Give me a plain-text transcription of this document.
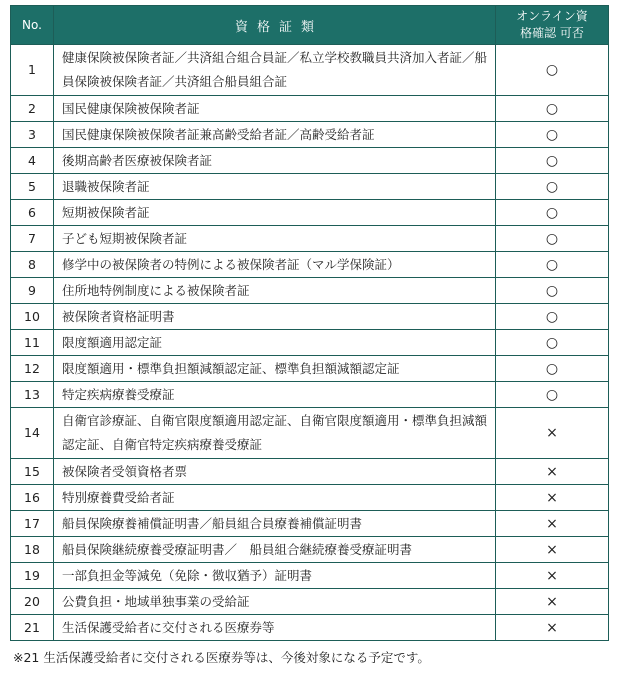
No.	資格証類	オンライン資
格確認 可否
1	健康保険被保険者証／共済組合組合員証／私立学校教職員共済加入者証／船員保険被保険者証／共済組合船員組合証	○
2	国民健康保険被保険者証	○
3	国民健康保険被保険者証兼高齢受給者証／高齢受給者証	○
4	後期高齢者医療被保険者証	○
5	退職被保険者証	○
6	短期被保険者証	○
7	子ども短期被保険者証	○
8	修学中の被保険者の特例による被保険者証（マル学保険証）	○
9	住所地特例制度による被保険者証	○
10	被保険者資格証明書	○
11	限度額適用認定証	○
12	限度額適用・標準負担額減額認定証、標準負担額減額認定証	○
13	特定疾病療養受療証	○
14	自衛官診療証、自衛官限度額適用認定証、自衛官限度額適用・標準負担減額認定証、自衛官特定疾病療養受療証	×
15	被保険者受領資格者票	×
16	特別療養費受給者証	×
17	船員保険療養補償証明書／船員組合員療養補償証明書	×
18	船員保険継続療養受療証明書／　船員組合継続療養受療証明書	×
19	一部負担金等減免（免除・徴収猶予）証明書	×
20	公費負担・地域単独事業の受給証	×
21	生活保護受給者に交付される医療券等	×
※21 生活保護受給者に交付される医療券等は、今後対象になる予定です。
